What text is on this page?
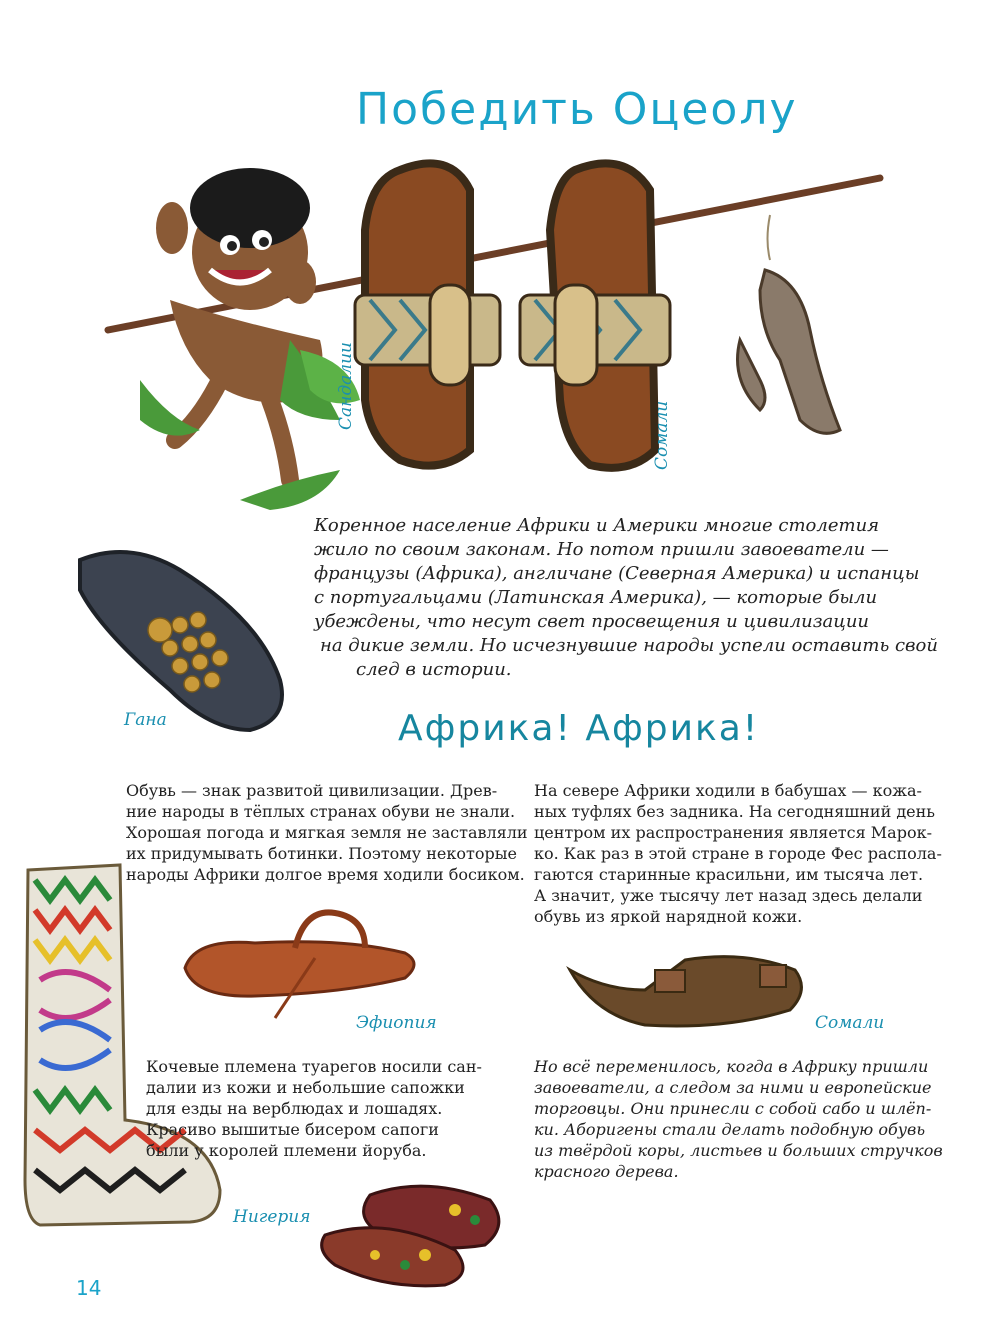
Победить Оцеолу
Сандалии
Сомали
Гана
Коренное население Африки и Америки многие столетия
жило по своим законам. Но потом пришли завоеватели —
французы (Африка), англичане (Северная Америка) и испанцы
с португальцами (Латинская Америка), — которые были
убеждены, что несут свет просвещения и цивилизации
на дикие земли. Но исчезнувшие народы успели оставить свой
след в истории.
Африка! Африка!
Обувь — знак развитой цивилизации. Древ-
ние народы в тёплых странах обуви не знали.
Хорошая погода и мягкая земля не заставляли
их придумывать ботинки. Поэтому некоторые
народы Африки долгое время ходили босиком.
На севере Африки ходили в бабушах — кожа-
ных туфлях без задника. На сегодняшний день
центром их распространения является Марок-
ко. Как раз в этой стране в городе Фес распола-
гаются старинные красильни, им тысяча лет.
А значит, уже тысячу лет назад здесь делали
обувь из яркой нарядной кожи.
Эфиопия	Сомали
Кочевые племена туарегов носили сан-
далии из кожи и небольшие сапожки
для езды на верблюдах и лошадях.
Красиво вышитые бисером сапоги
были у королей племени йоруба.
Но всё переменилось, когда в Африку пришли
завоеватели, а следом за ними и европейские
торговцы. Они принесли с собой сабо и шлёп-
ки. Аборигены стали делать подобную обувь
из твёрдой коры, листьев и больших стручков
красного дерева.
Нигерия
14
